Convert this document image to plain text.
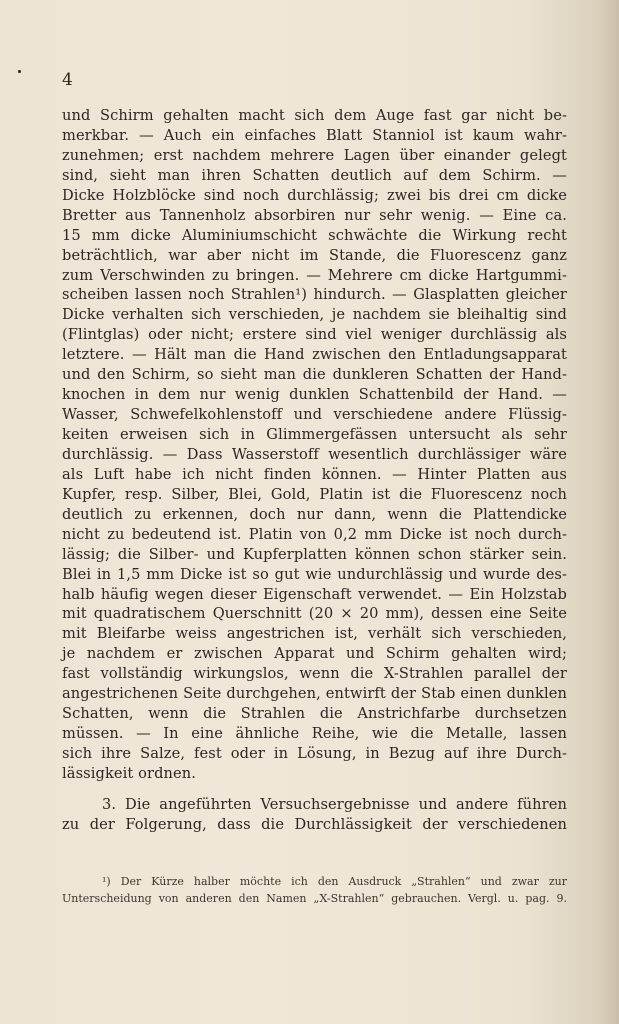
4
und Schirm gehalten macht sich dem Auge fast gar nicht be-
merkbar. — Auch ein einfaches Blatt Stanniol ist kaum wahr-
zunehmen; erst nachdem mehrere Lagen über einander gelegt
sind, sieht man ihren Schatten deutlich auf dem Schirm. —
Dicke Holzblöcke sind noch durchlässig; zwei bis drei cm dicke
Bretter aus Tannenholz absorbiren nur sehr wenig. — Eine ca.
15 mm dicke Aluminiumschicht schwächte die Wirkung recht
beträchtlich, war aber nicht im Stande, die Fluorescenz ganz
zum Verschwinden zu bringen. — Mehrere cm dicke Hartgummi-
scheiben lassen noch Strahlen¹) hindurch. — Glasplatten gleicher
Dicke verhalten sich verschieden, je nachdem sie bleihaltig sind
(Flintglas) oder nicht; erstere sind viel weniger durchlässig als
letztere. — Hält man die Hand zwischen den Entladungsapparat
und den Schirm, so sieht man die dunkleren Schatten der Hand-
knochen in dem nur wenig dunklen Schattenbild der Hand. —
Wasser, Schwefelkohlenstoff und verschiedene andere Flüssig-
keiten erweisen sich in Glimmergefässen untersucht als sehr
durchlässig. — Dass Wasserstoff wesentlich durchlässiger wäre
als Luft habe ich nicht finden können. — Hinter Platten aus
Kupfer, resp. Silber, Blei, Gold, Platin ist die Fluorescenz noch
deutlich zu erkennen, doch nur dann, wenn die Plattendicke
nicht zu bedeutend ist. Platin von 0,2 mm Dicke ist noch durch-
lässig; die Silber- und Kupferplatten können schon stärker sein.
Blei in 1,5 mm Dicke ist so gut wie undurchlässig und wurde des-
halb häufig wegen dieser Eigenschaft verwendet. — Ein Holzstab
mit quadratischem Querschnitt (20 × 20 mm), dessen eine Seite
mit Bleifarbe weiss angestrichen ist, verhält sich verschieden,
je nachdem er zwischen Apparat und Schirm gehalten wird;
fast vollständig wirkungslos, wenn die X-Strahlen parallel der
angestrichenen Seite durchgehen, entwirft der Stab einen dunklen
Schatten, wenn die Strahlen die Anstrichfarbe durchsetzen
müssen. — In eine ähnliche Reihe, wie die Metalle, lassen
sich ihre Salze, fest oder in Lösung, in Bezug auf ihre Durch-
lässigkeit ordnen.
3. Die angeführten Versuchsergebnisse und andere führen
zu der Folgerung, dass die Durchlässigkeit der verschiedenen
¹) Der Kürze halber möchte ich den Ausdruck „Strahlen“ und zwar zur
Unterscheidung von anderen den Namen „X-Strahlen“ gebrauchen. Vergl. u. pag. 9.
